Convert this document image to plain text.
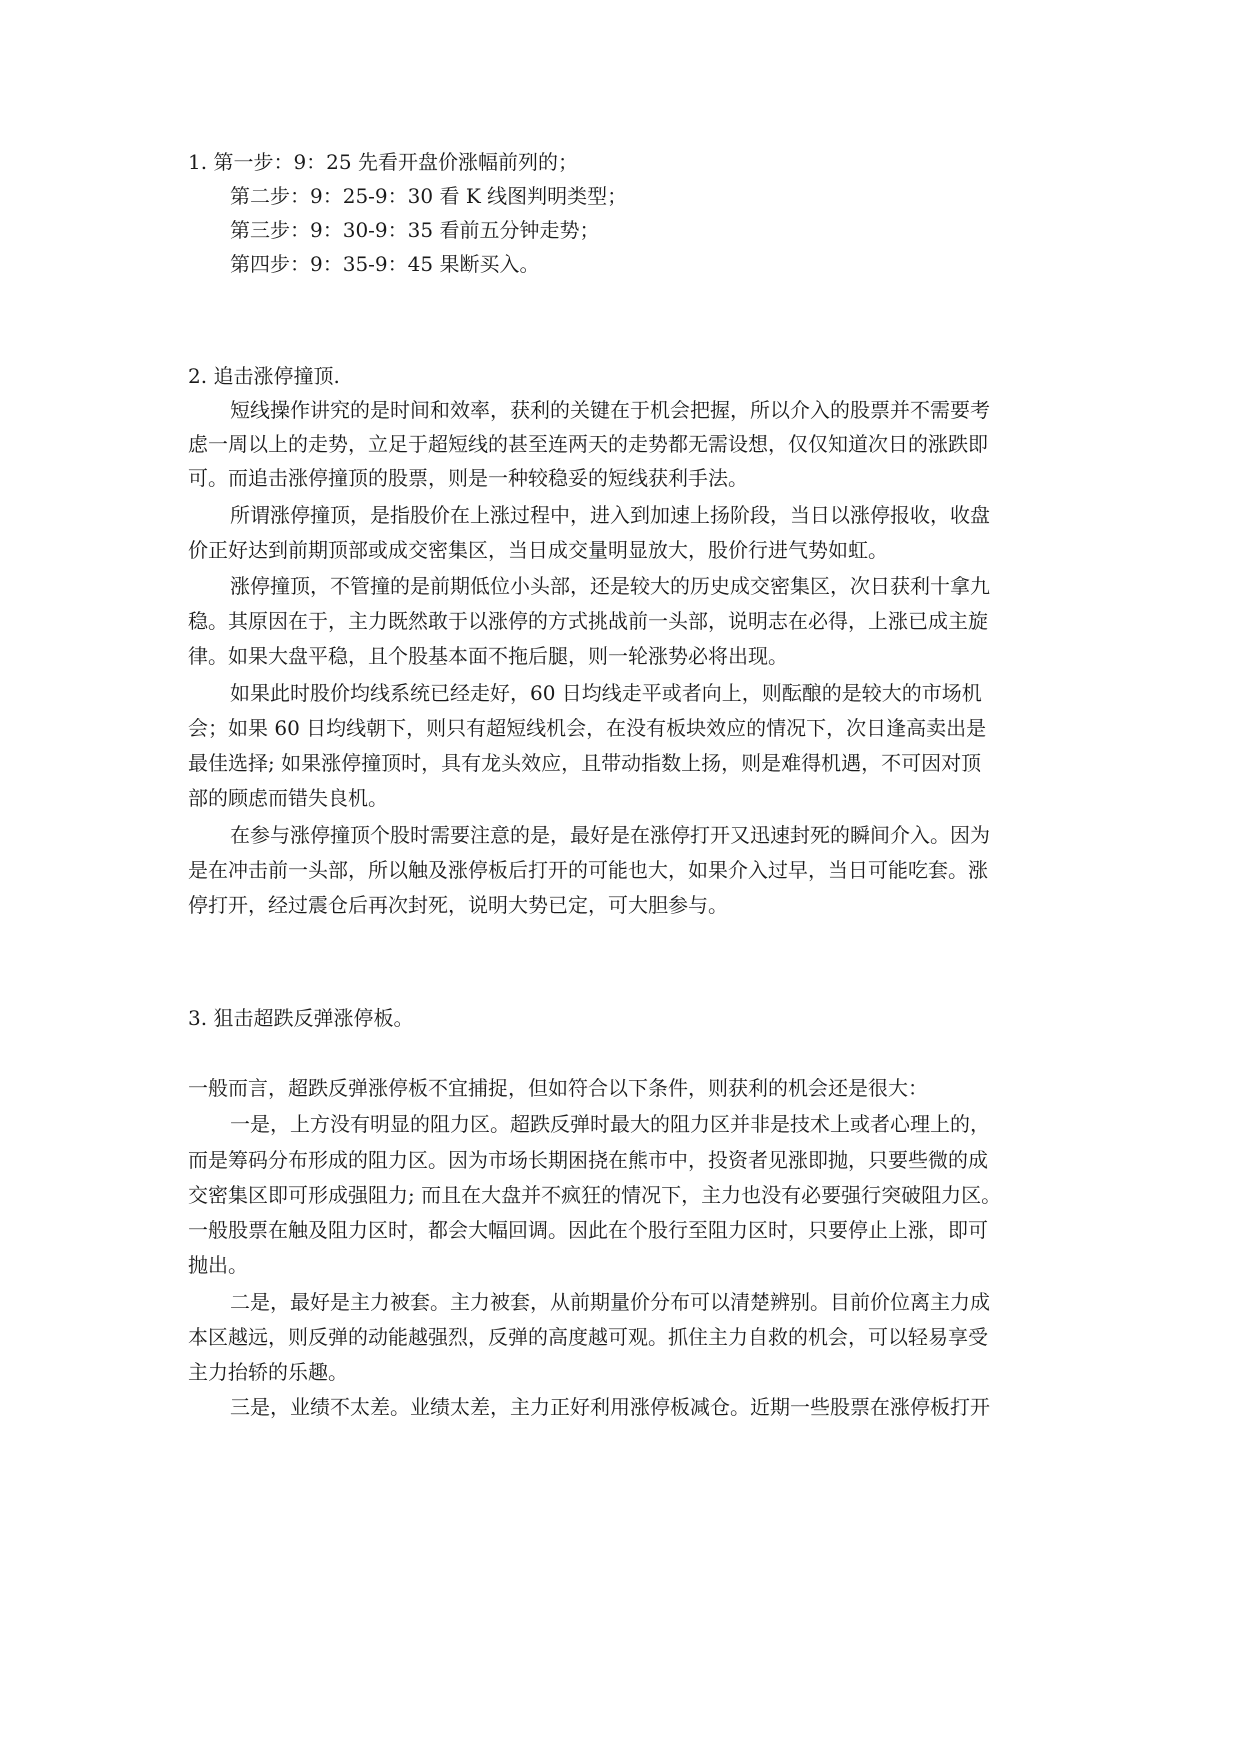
1. 第一步：9：25 先看开盘价涨幅前列的；
第二步：9：25-9：30 看 K 线图判明类型；
第三步：9：30-9：35 看前五分钟走势；
第四步：9：35-9：45 果断买入。
2. 追击涨停撞顶.
短线操作讲究的是时间和效率，获利的关键在于机会把握，所以介入的股票并不需要考
虑一周以上的走势，立足于超短线的甚至连两天的走势都无需设想，仅仅知道次日的涨跌即
可。而追击涨停撞顶的股票，则是一种较稳妥的短线获利手法。
所谓涨停撞顶，是指股价在上涨过程中，进入到加速上扬阶段，当日以涨停报收，收盘
价正好达到前期顶部或成交密集区，当日成交量明显放大，股价行进气势如虹。
涨停撞顶，不管撞的是前期低位小头部，还是较大的历史成交密集区，次日获利十拿九
稳。其原因在于，主力既然敢于以涨停的方式挑战前一头部，说明志在必得，上涨已成主旋
律。如果大盘平稳，且个股基本面不拖后腿，则一轮涨势必将出现。
如果此时股价均线系统已经走好，60 日均线走平或者向上，则酝酿的是较大的市场机
会；如果 60 日均线朝下，则只有超短线机会，在没有板块效应的情况下，次日逢高卖出是
最佳选择; 如果涨停撞顶时，具有龙头效应，且带动指数上扬，则是难得机遇，不可因对顶
部的顾虑而错失良机。
在参与涨停撞顶个股时需要注意的是，最好是在涨停打开又迅速封死的瞬间介入。因为
是在冲击前一头部，所以触及涨停板后打开的可能也大，如果介入过早，当日可能吃套。涨
停打开，经过震仓后再次封死，说明大势已定，可大胆参与。
3. 狙击超跌反弹涨停板。
一般而言，超跌反弹涨停板不宜捕捉，但如符合以下条件，则获利的机会还是很大：
一是，上方没有明显的阻力区。超跌反弹时最大的阻力区并非是技术上或者心理上的，
而是筹码分布形成的阻力区。因为市场长期困挠在熊市中，投资者见涨即抛，只要些微的成
交密集区即可形成强阻力; 而且在大盘并不疯狂的情况下，主力也没有必要强行突破阻力区。
一般股票在触及阻力区时，都会大幅回调。因此在个股行至阻力区时，只要停止上涨，即可
抛出。
二是，最好是主力被套。主力被套，从前期量价分布可以清楚辨别。目前价位离主力成
本区越远，则反弹的动能越强烈，反弹的高度越可观。抓住主力自救的机会，可以轻易享受
主力抬轿的乐趣。
三是，业绩不太差。业绩太差，主力正好利用涨停板减仓。近期一些股票在涨停板打开
